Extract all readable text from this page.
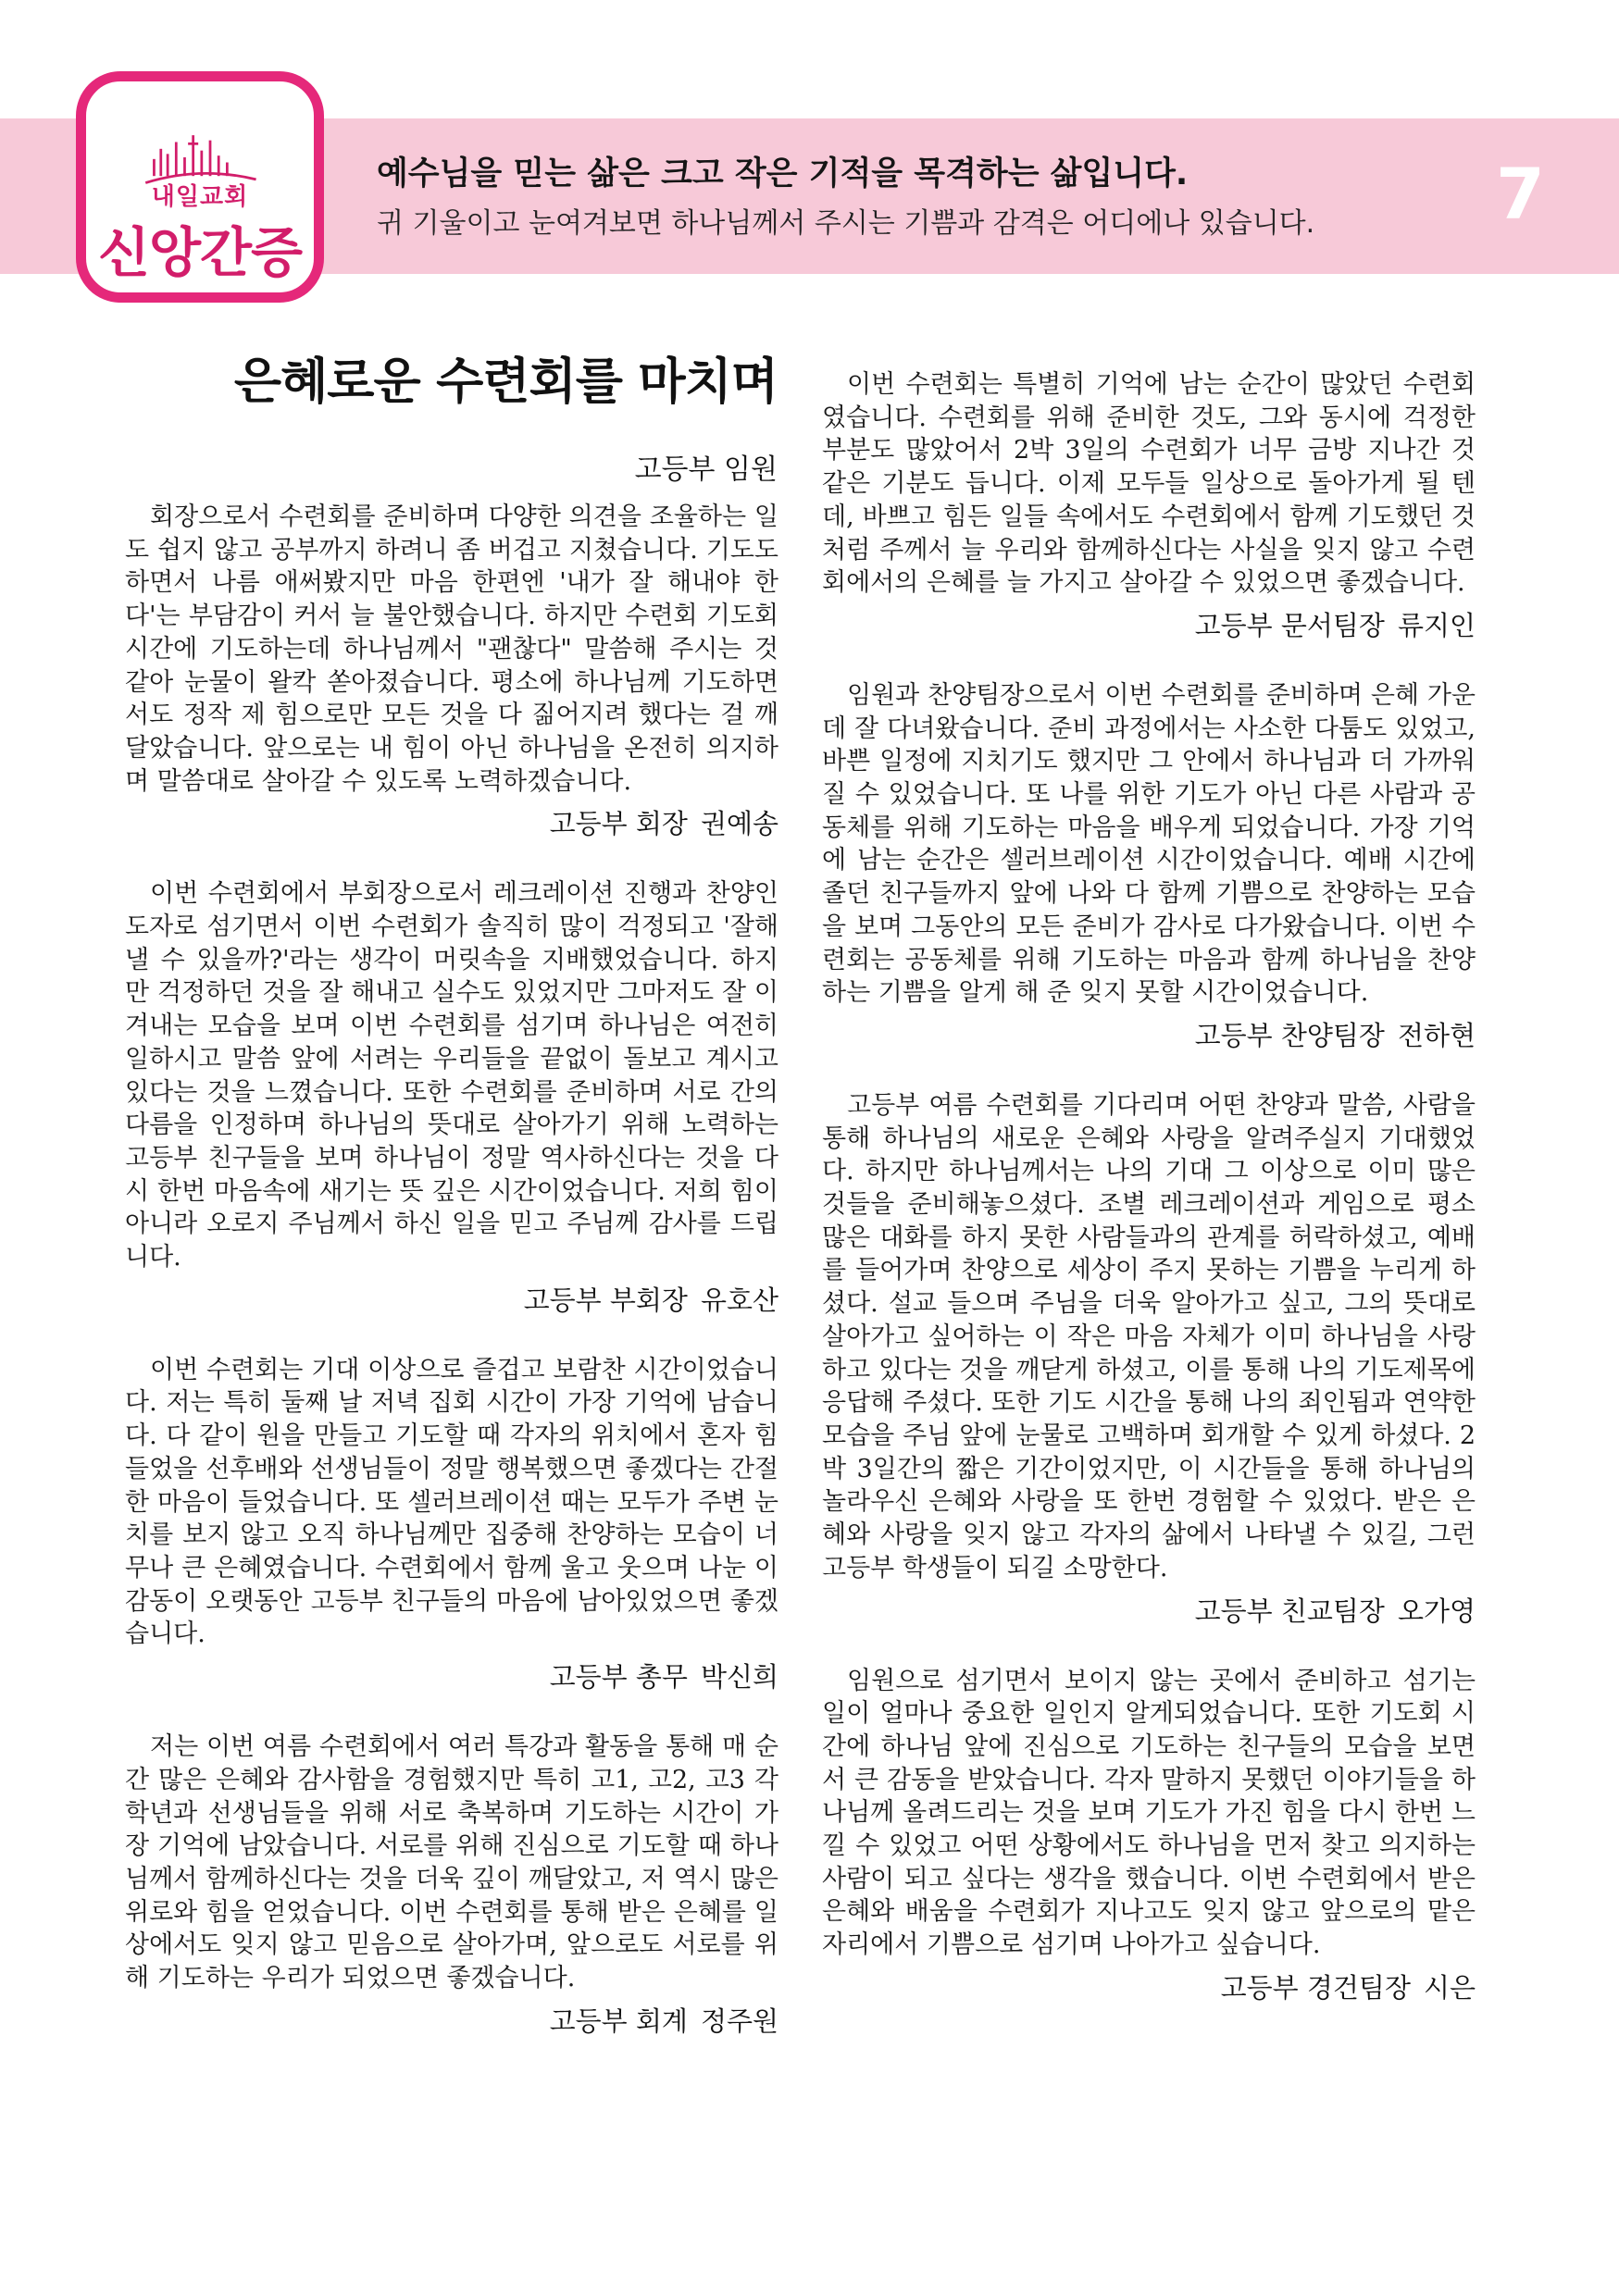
내일교회
신앙간증
예수님을 믿는 삶은 크고 작은 기적을 목격하는 삶입니다.
귀 기울이고 눈여겨보면 하나님께서 주시는 기쁨과 감격은 어디에나 있습니다.	7
은혜로운 수련회를 마치며
고등부 임원

회장으로서 수련회를 준비하며 다양한 의견을 조율하는 일도 쉽지 않고 공부까지 하려니 좀 버겁고 지쳤습니다. 기도도 하면서 나름 애써봤지만 마음 한편엔 '내가 잘 해내야 한다'는 부담감이 커서 늘 불안했습니다. 하지만 수련회 기도회 시간에 기도하는데 하나님께서 "괜찮다" 말씀해 주시는 것 같아 눈물이 왈칵 쏟아졌습니다. 평소에 하나님께 기도하면서도 정작 제 힘으로만 모든 것을 다 짊어지려 했다는 걸 깨달았습니다. 앞으로는 내 힘이 아닌 하나님을 온전히 의지하며 말씀대로 살아갈 수 있도록 노력하겠습니다.

고등부 회장 권예송

이번 수련회에서 부회장으로서 레크레이션 진행과 찬양인도자로 섬기면서 이번 수련회가 솔직히 많이 걱정되고 '잘해낼 수 있을까?'라는 생각이 머릿속을 지배했었습니다. 하지만 걱정하던 것을 잘 해내고 실수도 있었지만 그마저도 잘 이겨내는 모습을 보며 이번 수련회를 섬기며 하나님은 여전히 일하시고 말씀 앞에 서려는 우리들을 끝없이 돌보고 계시고 있다는 것을 느꼈습니다. 또한 수련회를 준비하며 서로 간의 다름을 인정하며 하나님의 뜻대로 살아가기 위해 노력하는 고등부 친구들을 보며 하나님이 정말 역사하신다는 것을 다시 한번 마음속에 새기는 뜻 깊은 시간이었습니다. 저희 힘이 아니라 오로지 주님께서 하신 일을 믿고 주님께 감사를 드립니다.

고등부 부회장 유호산

이번 수련회는 기대 이상으로 즐겁고 보람찬 시간이었습니다. 저는 특히 둘째 날 저녁 집회 시간이 가장 기억에 남습니다. 다 같이 원을 만들고 기도할 때 각자의 위치에서 혼자 힘들었을 선후배와 선생님들이 정말 행복했으면 좋겠다는 간절한 마음이 들었습니다. 또 셀러브레이션 때는 모두가 주변 눈치를 보지 않고 오직 하나님께만 집중해 찬양하는 모습이 너무나 큰 은혜였습니다. 수련회에서 함께 울고 웃으며 나눈 이 감동이 오랫동안 고등부 친구들의 마음에 남아있었으면 좋겠습니다.

고등부 총무 박신희

저는 이번 여름 수련회에서 여러 특강과 활동을 통해 매 순간 많은 은혜와 감사함을 경험했지만 특히 고1, 고2, 고3 각 학년과 선생님들을 위해 서로 축복하며 기도하는 시간이 가장 기억에 남았습니다. 서로를 위해 진심으로 기도할 때 하나님께서 함께하신다는 것을 더욱 깊이 깨달았고, 저 역시 많은 위로와 힘을 얻었습니다. 이번 수련회를 통해 받은 은혜를 일상에서도 잊지 않고 믿음으로 살아가며, 앞으로도 서로를 위해 기도하는 우리가 되었으면 좋겠습니다.

고등부 회계 정주원

이번 수련회는 특별히 기억에 남는 순간이 많았던 수련회였습니다. 수련회를 위해 준비한 것도, 그와 동시에 걱정한 부분도 많았어서 2박 3일의 수련회가 너무 금방 지나간 것 같은 기분도 듭니다. 이제 모두들 일상으로 돌아가게 될 텐데, 바쁘고 힘든 일들 속에서도 수련회에서 함께 기도했던 것처럼 주께서 늘 우리와 함께하신다는 사실을 잊지 않고 수련회에서의 은혜를 늘 가지고 살아갈 수 있었으면 좋겠습니다.

고등부 문서팀장 류지인

임원과 찬양팀장으로서 이번 수련회를 준비하며 은혜 가운데 잘 다녀왔습니다. 준비 과정에서는 사소한 다툼도 있었고, 바쁜 일정에 지치기도 했지만 그 안에서 하나님과 더 가까워질 수 있었습니다. 또 나를 위한 기도가 아닌 다른 사람과 공동체를 위해 기도하는 마음을 배우게 되었습니다. 가장 기억에 남는 순간은 셀러브레이션 시간이었습니다. 예배 시간에 졸던 친구들까지 앞에 나와 다 함께 기쁨으로 찬양하는 모습을 보며 그동안의 모든 준비가 감사로 다가왔습니다. 이번 수련회는 공동체를 위해 기도하는 마음과 함께 하나님을 찬양하는 기쁨을 알게 해 준 잊지 못할 시간이었습니다.

고등부 찬양팀장 전하현

고등부 여름 수련회를 기다리며 어떤 찬양과 말씀, 사람을 통해 하나님의 새로운 은혜와 사랑을 알려주실지 기대했었다. 하지만 하나님께서는 나의 기대 그 이상으로 이미 많은 것들을 준비해놓으셨다. 조별 레크레이션과 게임으로 평소 많은 대화를 하지 못한 사람들과의 관계를 허락하셨고, 예배를 들어가며 찬양으로 세상이 주지 못하는 기쁨을 누리게 하셨다. 설교 들으며 주님을 더욱 알아가고 싶고, 그의 뜻대로 살아가고 싶어하는 이 작은 마음 자체가 이미 하나님을 사랑하고 있다는 것을 깨닫게 하셨고, 이를 통해 나의 기도제목에 응답해 주셨다. 또한 기도 시간을 통해 나의 죄인됨과 연약한 모습을 주님 앞에 눈물로 고백하며 회개할 수 있게 하셨다. 2박 3일간의 짧은 기간이었지만, 이 시간들을 통해 하나님의 놀라우신 은혜와 사랑을 또 한번 경험할 수 있었다. 받은 은혜와 사랑을 잊지 않고 각자의 삶에서 나타낼 수 있길, 그런 고등부 학생들이 되길 소망한다.

고등부 친교팀장 오가영

임원으로 섬기면서 보이지 않는 곳에서 준비하고 섬기는 일이 얼마나 중요한 일인지 알게되었습니다. 또한 기도회 시간에 하나님 앞에 진심으로 기도하는 친구들의 모습을 보면서 큰 감동을 받았습니다. 각자 말하지 못했던 이야기들을 하나님께 올려드리는 것을 보며 기도가 가진 힘을 다시 한번 느낄 수 있었고 어떤 상황에서도 하나님을 먼저 찾고 의지하는 사람이 되고 싶다는 생각을 했습니다. 이번 수련회에서 받은 은혜와 배움을 수련회가 지나고도 잊지 않고 앞으로의 맡은 자리에서 기쁨으로 섬기며 나아가고 싶습니다.

고등부 경건팀장 시은
